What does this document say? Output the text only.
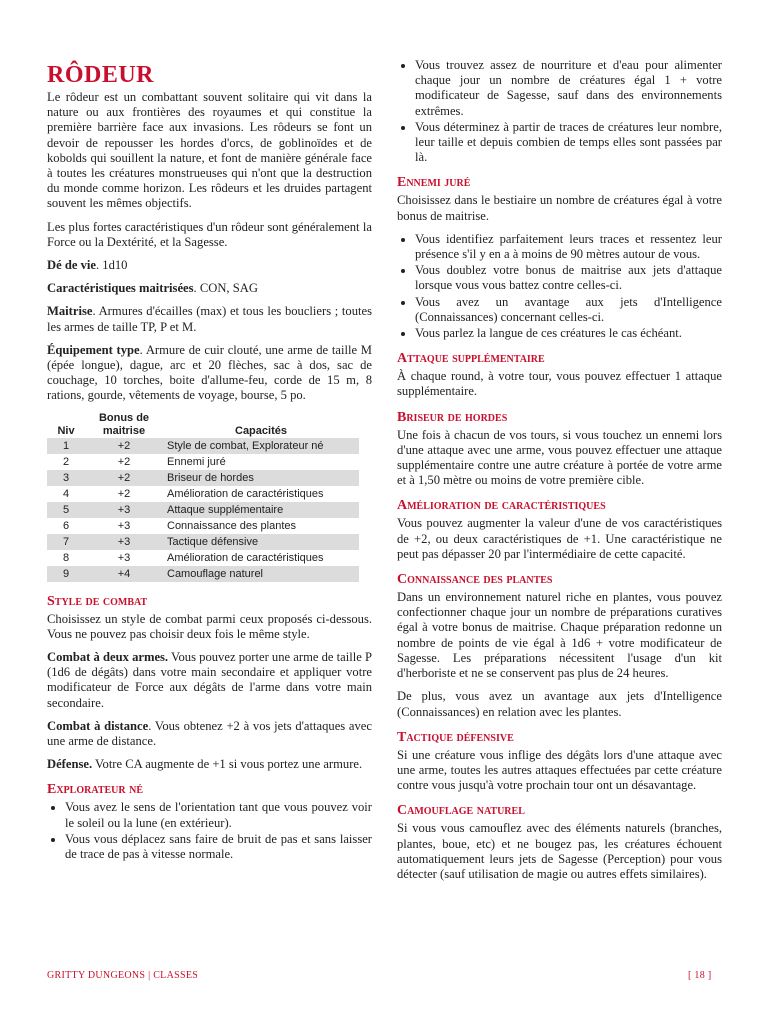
RÔDEUR

Le rôdeur est un combattant souvent solitaire qui vit dans la nature ou aux frontières des royaumes et qui constitue la première barrière face aux invasions. Les rôdeurs se font un devoir de repousser les hordes d'orcs, de goblinoïdes et de kobolds qui souillent la nature, et font de manière générale face à toutes les créatures monstrueuses qui n'ont que la destruction du monde comme horizon. Les rôdeurs et les druides partagent souvent les mêmes objectifs.

Les plus fortes caractéristiques d'un rôdeur sont généralement la Force ou la Dextérité, et la Sagesse.

Dé de vie. 1d10

Caractéristiques maitrisées. CON, SAG

Maitrise. Armures d'écailles (max) et tous les boucliers ; toutes les armes de taille TP, P et M.

Équipement type. Armure de cuir clouté, une arme de taille M (épée longue), dague, arc et 20 flèches, sac à dos, sac de couchage, 10 torches, boite d'allume-feu, corde de 15 m, 8 rations, gourde, vêtements de voyage, bourse, 5 po.

Niv	Bonus de maitrise	Capacités
1	+2	Style de combat, Explorateur né
2	+2	Ennemi juré
3	+2	Briseur de hordes
4	+2	Amélioration de caractéristiques
5	+3	Attaque supplémentaire
6	+3	Connaissance des plantes
7	+3	Tactique défensive
8	+3	Amélioration de caractéristiques
9	+4	Camouflage naturel
Style de combat

Choisissez un style de combat parmi ceux proposés ci-dessous. Vous ne pouvez pas choisir deux fois le même style.

Combat à deux armes. Vous pouvez porter une arme de taille P (1d6 de dégâts) dans votre main secondaire et appliquer votre modificateur de Force aux dégâts de l'arme dans votre main secondaire.

Combat à distance. Vous obtenez +2 à vos jets d'attaques avec une arme de distance.

Défense. Votre CA augmente de +1 si vous portez une armure.

Explorateur né
• Vous avez le sens de l'orientation tant que vous pouvez voir le soleil ou la lune (en extérieur).
• Vous vous déplacez sans faire de bruit de pas et sans laisser de trace de pas à vitesse normale.
• Vous trouvez assez de nourriture et d'eau pour alimenter chaque jour un nombre de créatures égal 1 + votre modificateur de Sagesse, sauf dans des environnements extrêmes.
• Vous déterminez à partir de traces de créatures leur nombre, leur taille et depuis combien de temps elles sont passées par là.
Ennemi juré

Choisissez dans le bestiaire un nombre de créatures égal à votre bonus de maitrise.

• Vous identifiez parfaitement leurs traces et ressentez leur présence s'il y en a à moins de 90 mètres autour de vous.
• Vous doublez votre bonus de maitrise aux jets d'attaque lorsque vous vous battez contre celles-ci.
• Vous avez un avantage aux jets d'Intelligence (Connaissances) concernant celles-ci.
• Vous parlez la langue de ces créatures le cas échéant.
Attaque supplémentaire

À chaque round, à votre tour, vous pouvez effectuer 1 attaque supplémentaire.

Briseur de hordes

Une fois à chacun de vos tours, si vous touchez un ennemi lors d'une attaque avec une arme, vous pouvez effectuer une attaque supplémentaire contre une autre créature à portée de votre arme et à 1,50 mètre ou moins de votre première cible.

Amélioration de caractéristiques

Vous pouvez augmenter la valeur d'une de vos caractéristiques de +2, ou deux caractéristiques de +1. Une caractéristique ne peut pas dépasser 20 par l'intermédiaire de cette capacité.

Connaissance des plantes

Dans un environnement naturel riche en plantes, vous pouvez confectionner chaque jour un nombre de préparations curatives égal à votre bonus de maitrise. Chaque préparation redonne un nombre de points de vie égal à 1d6 + votre modificateur de Sagesse. Les préparations nécessitent l'usage d'un kit d'herboriste et ne se conservent pas plus de 24 heures.

De plus, vous avez un avantage aux jets d'Intelligence (Connaissances) en relation avec les plantes.

Tactique défensive

Si une créature vous inflige des dégâts lors d'une attaque avec une arme, toutes les autres attaques effectuées par cette créature contre vous jusqu'à votre prochain tour ont un désavantage.

Camouflage naturel

Si vous vous camouflez avec des éléments naturels (branches, plantes, boue, etc) et ne bougez pas, les créatures échouent automatiquement leurs jets de Sagesse (Perception) pour vous détecter (sauf utilisation de magie ou autres effets similaires).

GRITTY DUNGEONS | CLASSES	[ 18 ]
